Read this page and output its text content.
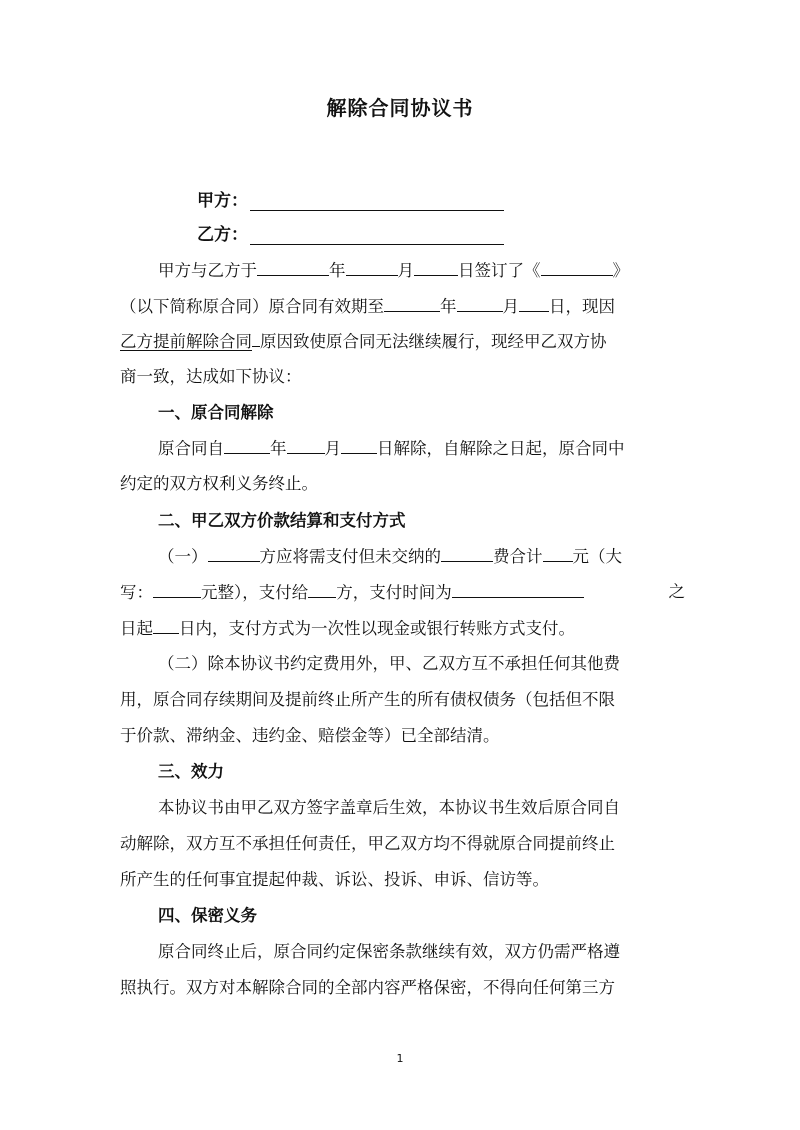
解除合同协议书
甲方：
乙方：
甲方与乙方于	年	月	日签订了《	》
（以下简称原合同）原合同有效期至	年	月 日，现因
乙方提前解除合同 原因致使原合同无法继续履行，现经甲乙双方协
商一致，达成如下协议：
一、原合同解除
原合同自	年 月 日解除，自解除之日起，原合同中
约定的双方权利义务终止。
二、甲乙双方价款结算和支付方式
（一）	方应将需支付但未交纳的	费合计 元（大
写：	元整），支付给 方，支付时间为	之
日起 日内，支付方式为一次性以现金或银行转账方式支付。
（二）除本协议书约定费用外，甲、乙双方互不承担任何其他费
用，原合同存续期间及提前终止所产生的所有债权债务（包括但不限
于价款、滞纳金、违约金、赔偿金等）已全部结清。
三、效力
本协议书由甲乙双方签字盖章后生效，本协议书生效后原合同自
动解除，双方互不承担任何责任，甲乙双方均不得就原合同提前终止
所产生的任何事宜提起仲裁、诉讼、投诉、申诉、信访等。
四、保密义务
原合同终止后，原合同约定保密条款继续有效，双方仍需严格遵
照执行。双方对本解除合同的全部内容严格保密，不得向任何第三方
1
